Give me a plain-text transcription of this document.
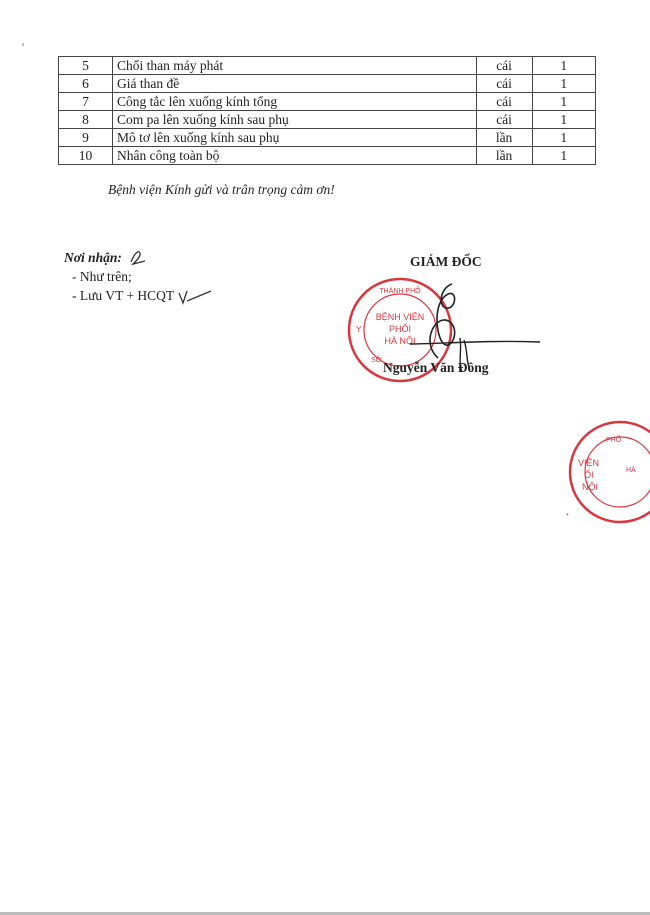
'
5	Chổi than máy phát	cái	1
6	Giá than đề	cái	1
7	Công tắc lên xuống kính tổng	cái	1
8	Com pa lên xuống kính sau phụ	cái	1
9	Mô tơ lên xuống kính sau phụ	lần	1
10	Nhân công toàn bộ	lần	1
Bệnh viện Kính gửi và trân trọng cảm ơn!
Nơi nhận:
- Như trên;
- Lưu VT + HCQT
GIÁM ĐỐC
THÀNH PHỐ
BỆNH VIỆN
PHỔI
HÀ NỘI
Y
SỞ Nguyễn Văn Đông
PHỐ
VIỆN
ỔI
NỘI
HÀ
*
